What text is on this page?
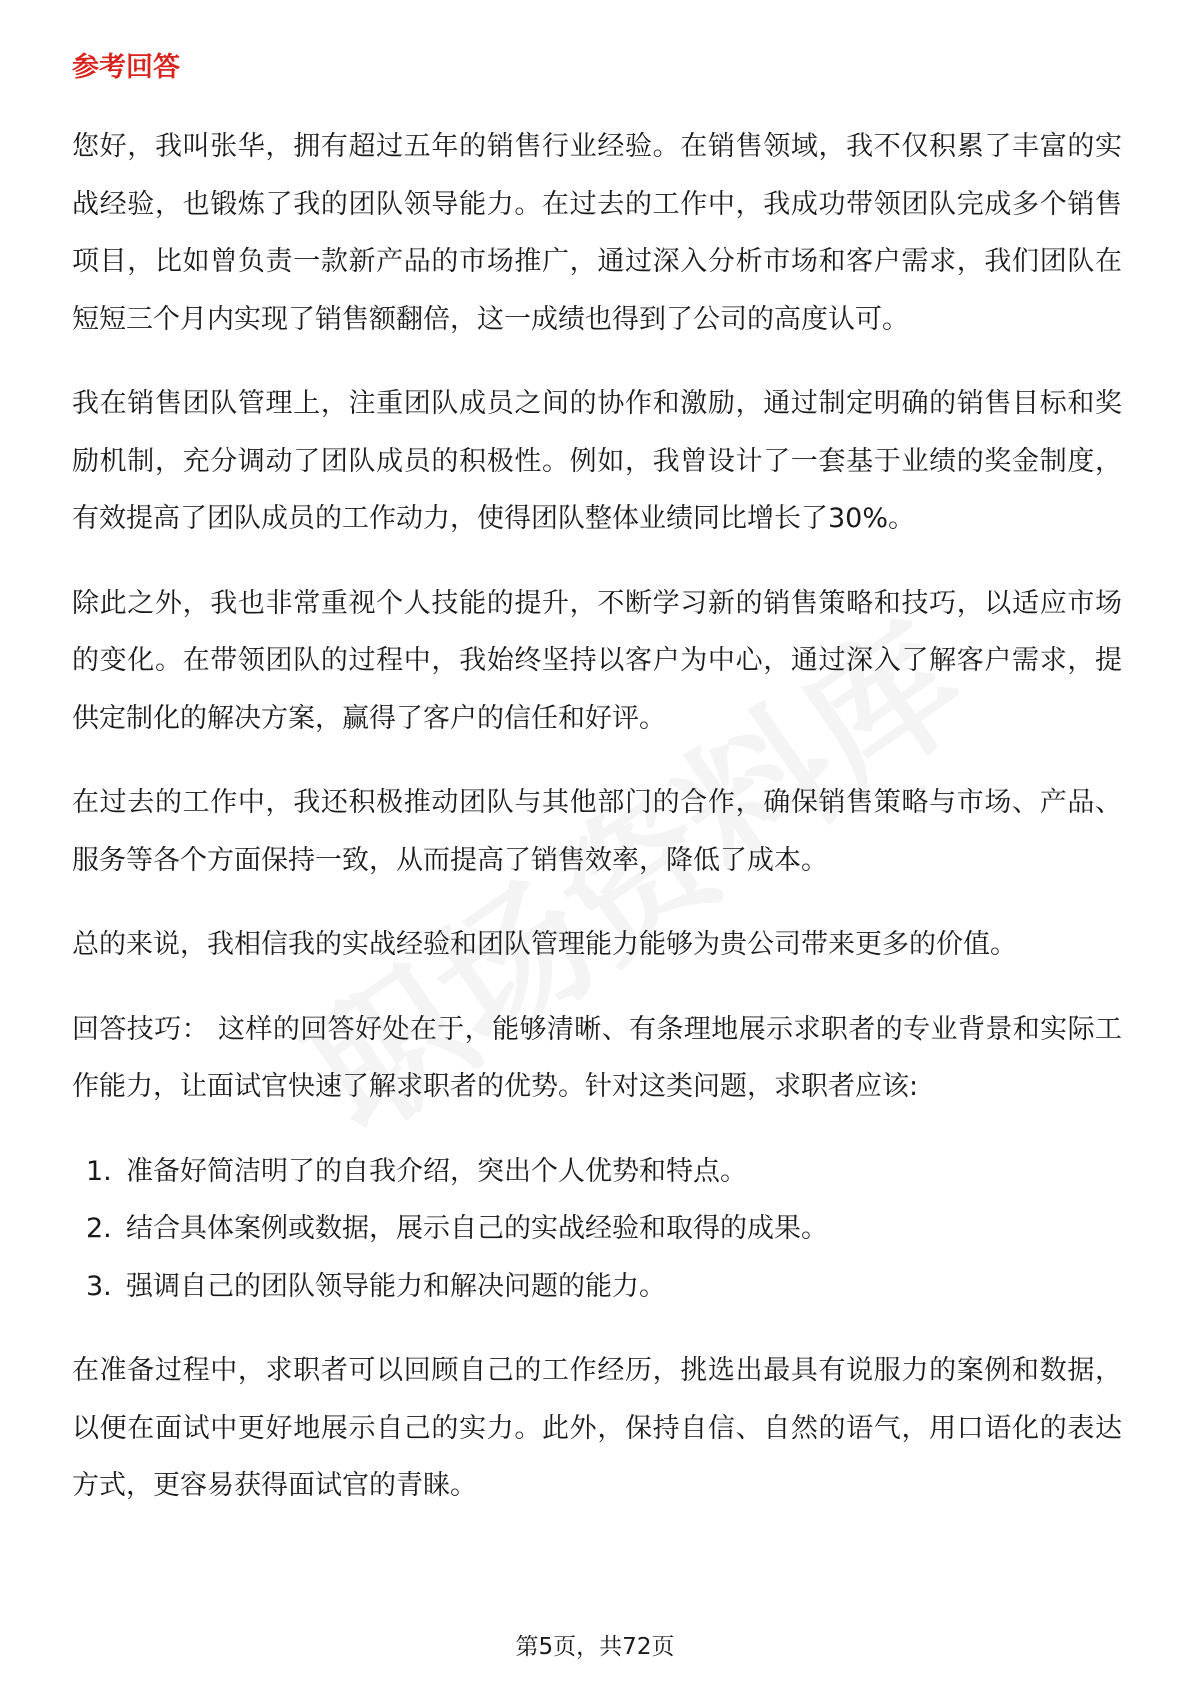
参考回答

您好，我叫张华，拥有超过五年的销售行业经验。在销售领域，我不仅积累了丰富的实战经验，也锻炼了我的团队领导能力。在过去的工作中，我成功带领团队完成多个销售项目，比如曾负责一款新产品的市场推广，通过深入分析市场和客户需求，我们团队在短短三个月内实现了销售额翻倍，这一成绩也得到了公司的高度认可。

我在销售团队管理上，注重团队成员之间的协作和激励，通过制定明确的销售目标和奖励机制，充分调动了团队成员的积极性。例如，我曾设计了一套基于业绩的奖金制度，有效提高了团队成员的工作动力，使得团队整体业绩同比增长了30%。

除此之外，我也非常重视个人技能的提升，不断学习新的销售策略和技巧，以适应市场的变化。在带领团队的过程中，我始终坚持以客户为中心，通过深入了解客户需求，提供定制化的解决方案，赢得了客户的信任和好评。

在过去的工作中，我还积极推动团队与其他部门的合作，确保销售策略与市场、产品、服务等各个方面保持一致，从而提高了销售效率，降低了成本。

总的来说，我相信我的实战经验和团队管理能力能够为贵公司带来更多的价值。

回答技巧： 这样的回答好处在于，能够清晰、有条理地展示求职者的专业背景和实际工作能力，让面试官快速了解求职者的优势。针对这类问题，求职者应该:

1. 准备好简洁明了的自我介绍，突出个人优势和特点。
2. 结合具体案例或数据，展示自己的实战经验和取得的成果。
3. 强调自己的团队领导能力和解决问题的能力。

在准备过程中，求职者可以回顾自己的工作经历，挑选出最具有说服力的案例和数据，以便在面试中更好地展示自己的实力。此外，保持自信、自然的语气，用口语化的表达方式，更容易获得面试官的青睐。

第5页，共72页
